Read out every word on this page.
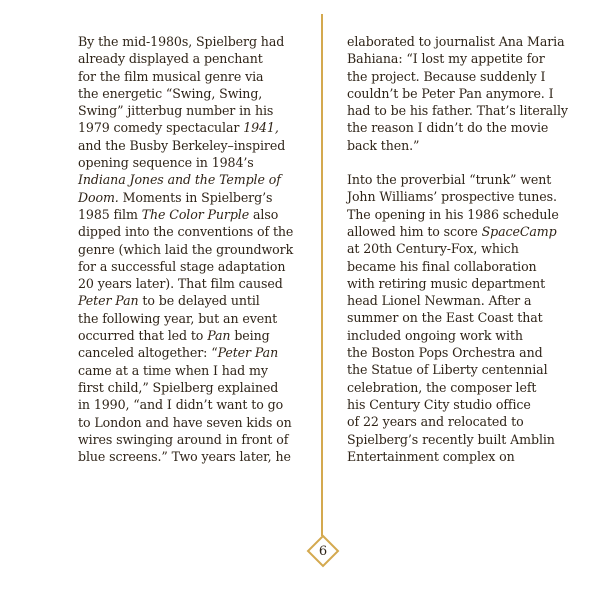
By the mid-1980s, Spielberg had
already displayed a penchant
for the film musical genre via
the energetic “Swing, Swing,
Swing” jitterbug number in his
1979 comedy spectacular 1941,
and the Busby Berkeley–inspired
opening sequence in 1984’s
Indiana Jones and the Temple of
Doom. Moments in Spielberg’s
1985 film The Color Purple also
dipped into the conventions of the
genre (which laid the groundwork
for a successful stage adaptation
20 years later). That film caused
Peter Pan to be delayed until
the following year, but an event
occurred that led to Pan being
canceled altogether: “Peter Pan
came at a time when I had my
first child,” Spielberg explained
in 1990, “and I didn’t want to go
to London and have seven kids on
wires swinging around in front of
blue screens.” Two years later, he
elaborated to journalist Ana Maria
Bahiana: “I lost my appetite for
the project. Because suddenly I
couldn’t be Peter Pan anymore. I
had to be his father. That’s literally
the reason I didn’t do the movie
back then.”
Into the proverbial “trunk” went
John Williams’ prospective tunes.
The opening in his 1986 schedule
allowed him to score SpaceCamp
at 20th Century-Fox, which
became his final collaboration
with retiring music department
head Lionel Newman. After a
summer on the East Coast that
included ongoing work with
the Boston Pops Orchestra and
the Statue of Liberty centennial
celebration, the composer left
his Century City studio office
of 22 years and relocated to
Spielberg’s recently built Amblin
Entertainment complex on
6
